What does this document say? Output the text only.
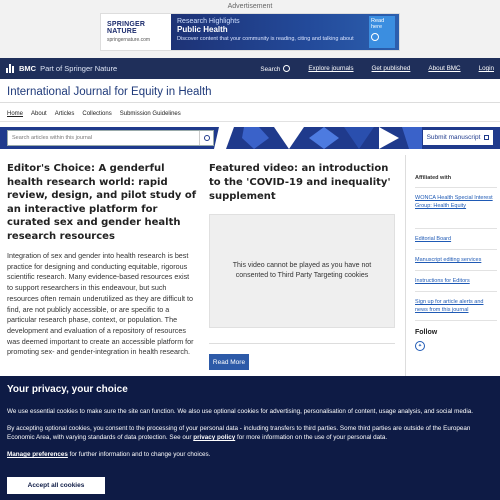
Advertisement
SPRINGER NATURE
springernature.com
Research Highlights
Public Health
Discover content that your community is reading, citing and talking about
Read here
BMC Part of Springer Nature	Search	Explore journals	Get published	About BMC	Login
International Journal for Equity in Health
Home About Articles Collections Submission Guidelines
Search articles within this journal	Submit manuscript
Editor's Choice: A genderful health research world: rapid review, design, and pilot study of an interactive platform for curated sex and gender health research resources
Integration of sex and gender into health research is best practice for designing and conducting equitable, rigorous scientific research. Many evidence-based resources exist to support researchers in this endeavour, but such resources often remain underutilized as they are difficult to find, are not publicly accessible, or are specific to a particular research phase, context, or population. The development and evaluation of a repository of resources was deemed important to create an accessible platform for promoting sex- and gender-integration in health research.
Featured video: an introduction to the 'COVID-19 and inequality' supplement
This video cannot be played as you have not consented to Third Party Targeting cookies
Read More
Affiliated with
WONCA Health Special Interest Group: Health Equity
Editorial Board
Manuscript editing services
Instructions for Editors
Sign up for article alerts and news from this journal
Follow
✦
Your privacy, your choice

We use essential cookies to make sure the site can function. We also use optional cookies for advertising, personalisation of content, usage analysis, and social media.

By accepting optional cookies, you consent to the processing of your personal data - including transfers to third parties. Some third parties are outside of the European Economic Area, with varying standards of data protection. See our privacy policy for more information on the use of your personal data.

Manage preferences for further information and to change your choices.

Accept all cookies
